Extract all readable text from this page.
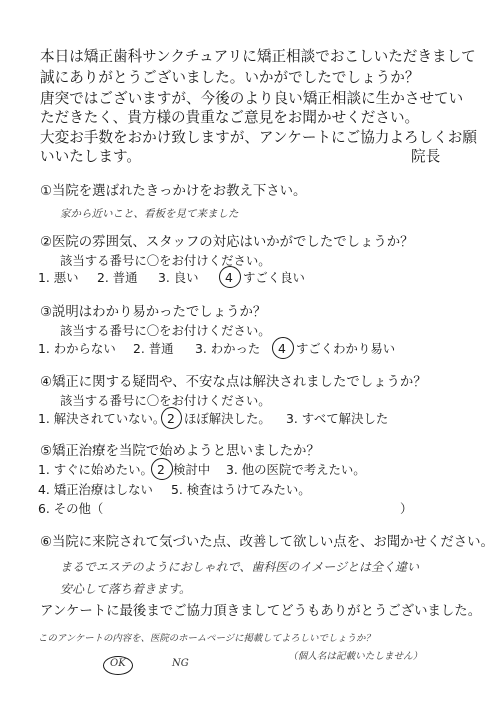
本日は矯正歯科サンクチュアリに矯正相談でおこしいただきまして
誠にありがとうございました。いかがでしたでしょうか？
唐突ではございますが、今後のより良い矯正相談に生かさせてい
ただきたく、貴方様の貴重なご意見をお聞かせください。
大変お手数をおかけ致しますが、アンケートにご協力よろしくお願
いいたします。	院長
①当院を選ばれたきっかけをお教え下さい。
家から近いこと、看板を見て来ました
②医院の雰囲気、スタッフの対応はいかがでしたでしょうか？
該当する番号に〇をお付けください。
1. 悪い 2. 普通 3. 良い 4 すごく良い
③説明はわかり易かったでしょうか？
該当する番号に〇をお付けください。
1. わからない 2. 普通 3. わかった 4 すごくわかり易い
④矯正に関する疑問や、不安な点は解決されましたでしょうか？
該当する番号に〇をお付けください。
1. 解決されていない。 2 ほぼ解決した。 3. すべて解決した
⑤矯正治療を当院で始めようと思いましたか？
1. すぐに始めたい。 2 検討中 3. 他の医院で考えたい。
4. 矯正治療はしない 5. 検査はうけてみたい。
6. その他（	）
⑥当院に来院されて気づいた点、改善して欲しい点を、お聞かせください。
まるでエステのようにおしゃれで、歯科医のイメージとは全く違い
安心して落ち着きます。
アンケートに最後までご協力頂きましてどうもありがとうございました。
このアンケートの内容を、医院のホームページに掲載してよろしいでしょうか？
（個人名は記載いたしません）
OK	NG
